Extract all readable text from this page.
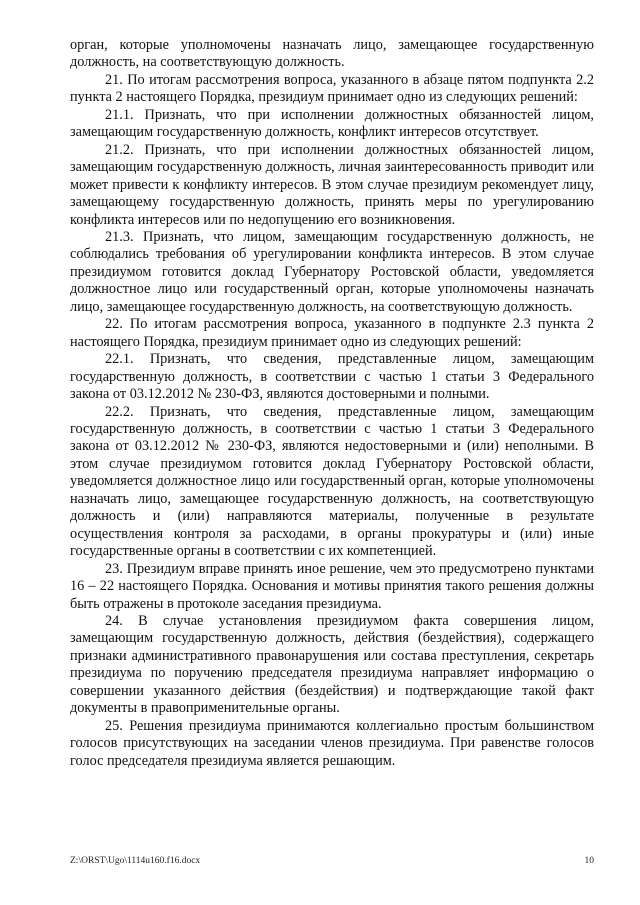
орган, которые уполномочены назначать лицо, замещающее государственную должность, на соответствующую должность.

21. По итогам рассмотрения вопроса, указанного в абзаце пятом подпункта 2.2 пункта 2 настоящего Порядка, президиум принимает одно из следующих решений:

21.1. Признать, что при исполнении должностных обязанностей лицом, замещающим государственную должность, конфликт интересов отсутствует.

21.2. Признать, что при исполнении должностных обязанностей лицом, замещающим государственную должность, личная заинтересованность приводит или может привести к конфликту интересов. В этом случае президиум рекомендует лицу, замещающему государственную должность, принять меры по урегулированию конфликта интересов или по недопущению его возникновения.

21.3. Признать, что лицом, замещающим государственную должность, не соблюдались требования об урегулировании конфликта интересов. В этом случае президиумом готовится доклад Губернатору Ростовской области, уведомляется должностное лицо или государственный орган, которые уполномочены назначать лицо, замещающее государственную должность, на соответствующую должность.

22. По итогам рассмотрения вопроса, указанного в подпункте 2.3 пункта 2 настоящего Порядка, президиум принимает одно из следующих решений:

22.1. Признать, что сведения, представленные лицом, замещающим государственную должность, в соответствии с частью 1 статьи 3 Федерального закона от 03.12.2012 № 230-ФЗ, являются достоверными и полными.

22.2. Признать, что сведения, представленные лицом, замещающим государственную должность, в соответствии с частью 1 статьи 3 Федерального закона от 03.12.2012 № 230-ФЗ, являются недостоверными и (или) неполными. В этом случае президиумом готовится доклад Губернатору Ростовской области, уведомляется должностное лицо или государственный орган, которые уполномочены назначать лицо, замещающее государственную должность, на соответствующую должность и (или) направляются материалы, полученные в результате осуществления контроля за расходами, в органы прокуратуры и (или) иные государственные органы в соответствии с их компетенцией.

23. Президиум вправе принять иное решение, чем это предусмотрено пунктами 16 – 22 настоящего Порядка. Основания и мотивы принятия такого решения должны быть отражены в протоколе заседания президиума.

24. В случае установления президиумом факта совершения лицом, замещающим государственную должность, действия (бездействия), содержащего признаки административного правонарушения или состава преступления, секретарь президиума по поручению председателя президиума направляет информацию о совершении указанного действия (бездействия) и подтверждающие такой факт документы в правоприменительные органы.

25. Решения президиума принимаются коллегиально простым большинством голосов присутствующих на заседании членов президиума. При равенстве голосов голос председателя президиума является решающим.

Z:\ORST\Ugo\1114u160.f16.docx	10
